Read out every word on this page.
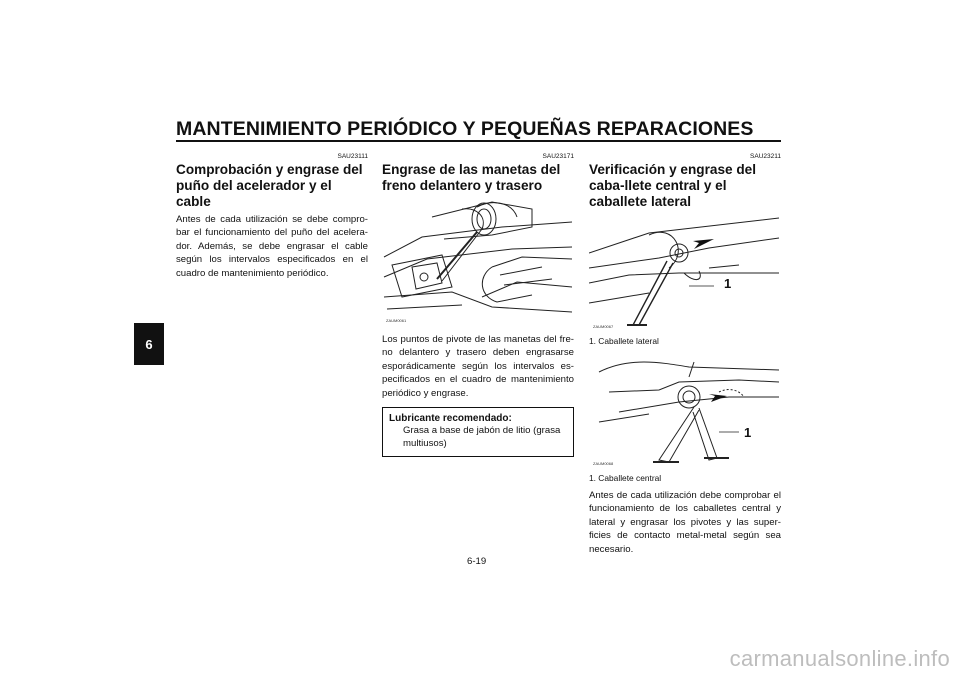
MANTENIMIENTO PERIÓDICO Y PEQUEÑAS REPARACIONES
6
SAU23111
Comprobación y engrase del puño del acelerador y el cable

Antes de cada utilización se debe compro-bar el funcionamiento del puño del acelera-dor. Además, se debe engrasar el cable según los intervalos especificados en el cuadro de mantenimiento periódico.

SAU23171
Engrase de las manetas del freno delantero y trasero
ZAUM0061

Los puntos de pivote de las manetas del fre-no delantero y trasero deben engrasarse esporádicamente según los intervalos es-pecificados en el cuadro de mantenimiento periódico y engrase.

Lubricante recomendado:
Grasa a base de jabón de litio (grasa multiusos)
SAU23211
Verificación y engrase del caba-llete central y el caballete lateral
1
ZAUM0067
1. Caballete lateral
1
ZAUM0068
1. Caballete central

Antes de cada utilización debe comprobar el funcionamiento de los caballetes central y lateral y engrasar los pivotes y las super-ficies de contacto metal-metal según sea necesario.

6-19
carmanualsonline.info
